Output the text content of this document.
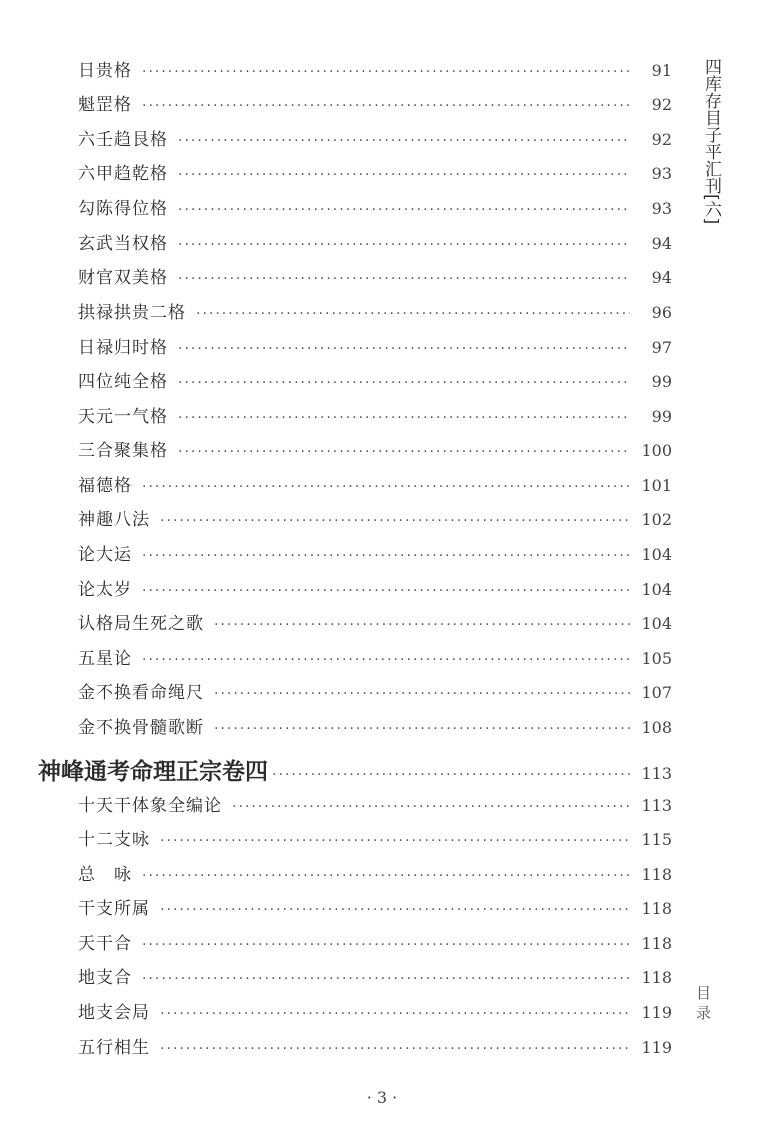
日贵格 ·····	91
魁罡格 ·····	92
六壬趋艮格 ·····	92
六甲趋乾格 ·····	93
勾陈得位格 ·····	93
玄武当权格 ·····	94
财官双美格 ·····	94
拱禄拱贵二格 ·····	96
日禄归时格 ·····	97
四位纯全格 ·····	99
天元一气格 ·····	99
三合聚集格 ·····	100
福德格 ·····	101
神趣八法 ·····	102
论大运 ·····	104
论太岁 ·····	104
认格局生死之歌 ·····	104
五星论 ·····	105
金不换看命绳尺 ·····	107
金不换骨髓歌断 ·····	108
神峰通考命理正宗卷四 ·····	113
十天干体象全编论 ·····	113
十二支咏 ·····	115
总　咏 ·····	118
干支所属 ·····	118
天干合 ·····	118
地支合 ·····	118
地支会局 ·····	119
五行相生 ·····	119
四库存目子平汇刊[六]
目 录
· 3 ·
